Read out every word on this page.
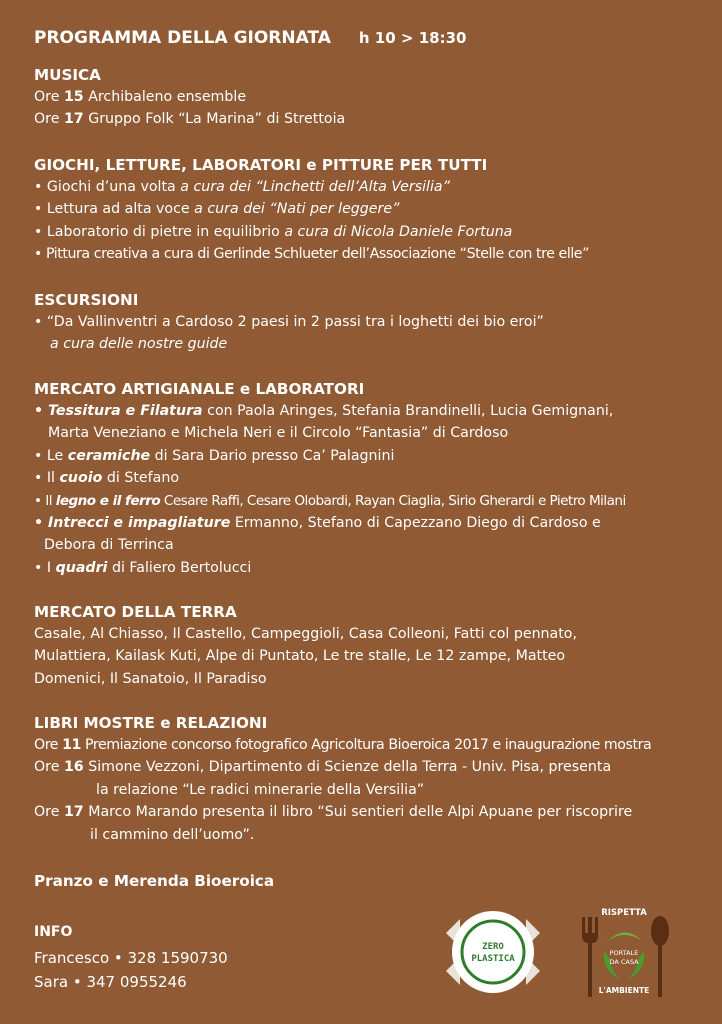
PROGRAMMA DELLA GIORNATA h 10 > 18:30
MUSICA
Ore 15 Archibaleno ensemble
Ore 17 Gruppo Folk “La Marina” di Strettoia
GIOCHI, LETTURE, LABORATORI e PITTURE PER TUTTI
• Giochi d’una volta a cura dei “Linchetti dell’Alta Versilia”
• Lettura ad alta voce a cura dei “Nati per leggere”
• Laboratorio di pietre in equilibrio a cura di Nicola Daniele Fortuna
• Pittura creativa a cura di Gerlinde Schlueter dell’Associazione “Stelle con tre elle”
ESCURSIONI
• “Da Vallinventri a Cardoso 2 paesi in 2 passi tra i loghetti dei bio eroi”
a cura delle nostre guide
MERCATO ARTIGIANALE e LABORATORI
• Tessitura e Filatura con Paola Aringes, Stefania Brandinelli, Lucia Gemignani,
Marta Veneziano e Michela Neri e il Circolo “Fantasia” di Cardoso
• Le ceramiche di Sara Dario presso Ca’ Palagnini
• Il cuoio di Stefano
• Il legno e il ferro Cesare Raffi, Cesare Olobardi, Rayan Ciaglia, Sirio Gherardi e Pietro Milani
• Intrecci e impagliature Ermanno, Stefano di Capezzano Diego di Cardoso e
Debora di Terrinca
• I quadri di Faliero Bertolucci
MERCATO DELLA TERRA
Casale, Al Chiasso, Il Castello, Campeggioli, Casa Colleoni, Fatti col pennato,
Mulattiera, Kailask Kuti, Alpe di Puntato, Le tre stalle, Le 12 zampe, Matteo
Domenici, Il Sanatoio, Il Paradiso
LIBRI MOSTRE e RELAZIONI
Ore 11 Premiazione concorso fotografico Agricoltura Bioeroica 2017 e inaugurazione mostra
Ore 16 Simone Vezzoni, Dipartimento di Scienze della Terra - Univ. Pisa, presenta
la relazione “Le radici minerarie della Versilia”
Ore 17 Marco Marando presenta il libro “Sui sentieri delle Alpi Apuane per riscoprire
il cammino dell’uomo”.
Pranzo e Merenda Bioeroica
INFO
Francesco • 328 1590730
Sara • 347 0955246
ZERO
PLASTICA
RISPETTA
PORTALE
DA CASA
L'AMBIENTE
